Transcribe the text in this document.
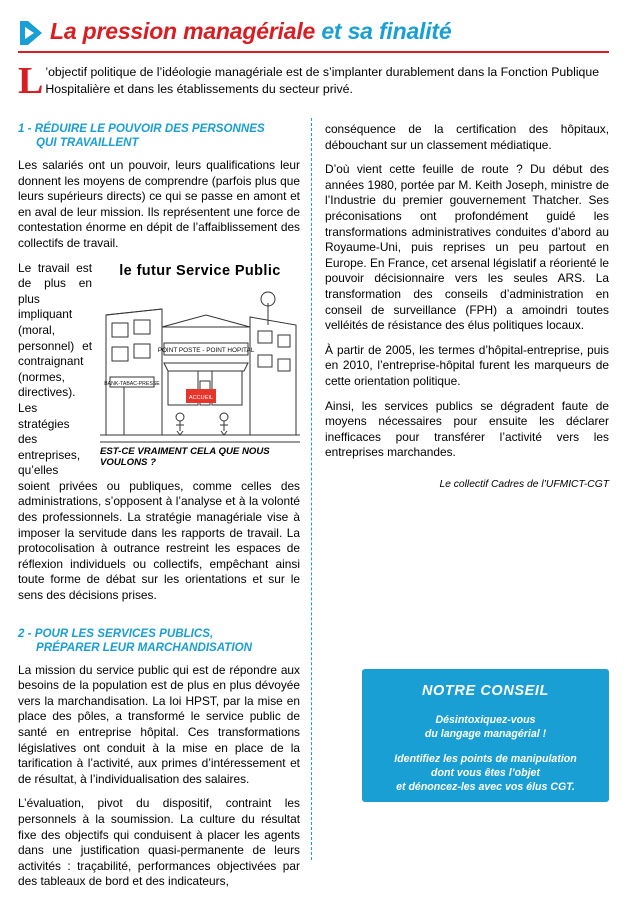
La pression managériale et sa finalité
L ’objectif politique de l’idéologie managériale est de s’implanter durablement dans la Fonction Publique Hospitalière et dans les établissements du secteur privé.
1 - RÉDUIRE LE POUVOIR DES PERSONNES
QUI TRAVAILLENT

Les salariés ont un pouvoir, leurs qualifications leur donnent les moyens de comprendre (parfois plus que leurs supérieurs directs) ce qui se passe en amont et en aval de leur mission. Ils représentent une force de contestation énorme en dépit de l’affaiblissement des collectifs de travail.

le futur Service Public
BANK-TABAC-PRESSE
POINT POSTE - POINT HOPITAL
ACCUEIL
EST-CE VRAIMENT CELA QUE NOUS VOULONS ?

Le travail est de plus en plus impliquant (moral, personnel) et contraignant (normes, directives). Les stratégies des entreprises, qu’elles soient privées ou publiques, comme celles des administrations, s’opposent à l’analyse et à la volonté des professionnels. La stratégie managériale vise à imposer la servitude dans les rapports de travail. La protocolisation à outrance restreint les espaces de réflexion individuels ou collectifs, empêchant ainsi toute forme de débat sur les orientations et sur le sens des décisions prises.

2 - POUR LES SERVICES PUBLICS,
PRÉPARER LEUR MARCHANDISATION

La mission du service public qui est de répondre aux besoins de la population est de plus en plus dévoyée vers la marchandisation. La loi HPST, par la mise en place des pôles, a transformé le service public de santé en entreprise hôpital. Ces transformations législatives ont conduit à la mise en place de la tarification à l’activité, aux primes d’intéressement et de résultat, à l’individualisation des salaires.

L’évaluation, pivot du dispositif, contraint les personnels à la soumission. La culture du résultat fixe des objectifs qui conduisent à placer les agents dans une justification quasi-permanente de leurs activités : traçabilité, performances objectivées par des tableaux de bord et des indicateurs,

conséquence de la certification des hôpitaux, débouchant sur un classement médiatique.

D’où vient cette feuille de route ? Du début des années 1980, portée par M. Keith Joseph, ministre de l’Industrie du premier gouvernement Thatcher. Ses préconisations ont profondément guidé les transformations administratives conduites d’abord au Royaume-Uni, puis reprises un peu partout en Europe. En France, cet arsenal législatif a réorienté le pouvoir décisionnaire vers les seules ARS. La transformation des conseils d’administration en conseil de surveillance (FPH) a amoindri toutes velléités de résistance des élus politiques locaux.

À partir de 2005, les termes d’hôpital-entreprise, puis en 2010, l’entreprise-hôpital furent les marqueurs de cette orientation politique.

Ainsi, les services publics se dégradent faute de moyens nécessaires pour ensuite les déclarer inefficaces pour transférer l’activité vers les entreprises marchandes.

Le collectif Cadres de l’UFMICT-CGT
NOTRE CONSEIL
Désintoxiquez-vous
du langage managérial !
Identifiez les points de manipulation
dont vous êtes l’objet
et dénoncez-les avec vos élus CGT.
